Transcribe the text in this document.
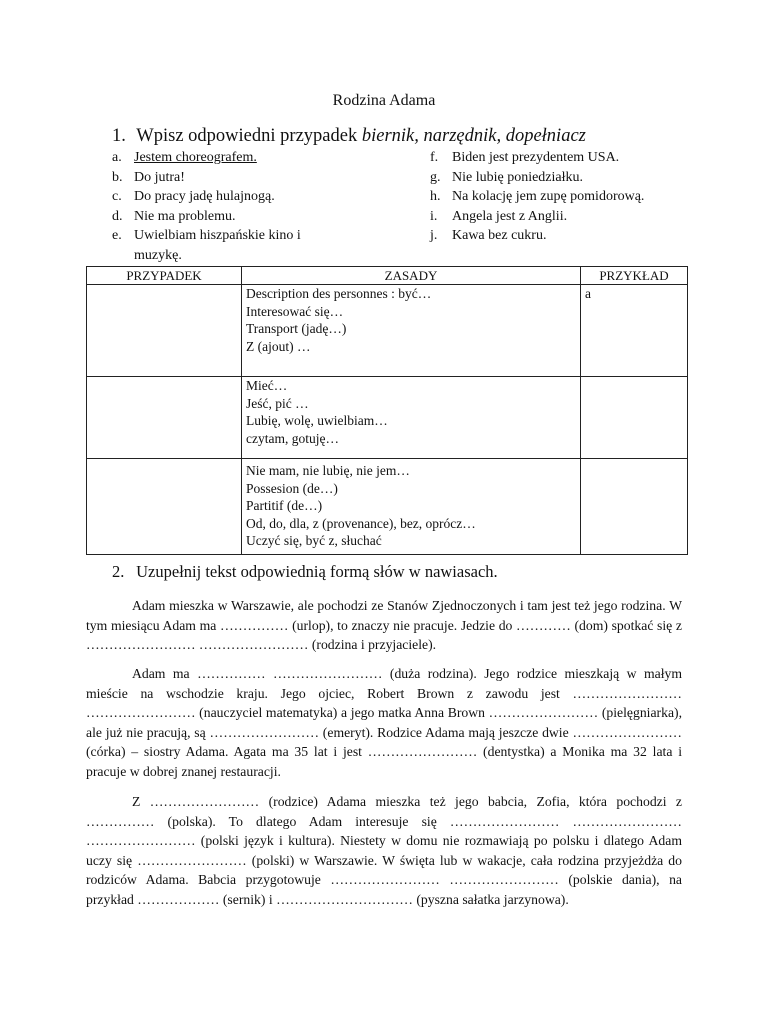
Rodzina Adama
1. Wpisz odpowiedni przypadek biernik, narzędnik, dopełniacz
a. Jestem choreografem.
b. Do jutra!
c. Do pracy jadę hulajnogą.
d. Nie ma problemu.
e. Uwielbiam hiszpańskie kino i muzykę.
f. Biden jest prezydentem USA.
g. Nie lubię poniedziałku.
h. Na kolację jem zupę pomidorową.
i.	Angela jest z Anglii.
j.	Kawa bez cukru.
PRZYPADEK	ZASADY	PRZYKŁAD

	Description des personnes : być…
Interesować się…
Transport (jadę…)
Z (ajout) …	a

	Mieć…
Jeść, pić …
Lubię, wolę, uwielbiam…
czytam, gotuję…	

	Nie mam, nie lubię, nie jem…
Possesion (de…)
Partitif (de…)
Od, do, dla, z (provenance), bez, oprócz…
Uczyć się, być z, słuchać	

2. Uzupełnij tekst odpowiednią formą słów w nawiasach.

Adam mieszka w Warszawie, ale pochodzi ze Stanów Zjednoczonych i tam jest też jego rodzina. W tym miesiącu Adam ma …………… (urlop), to znaczy nie pracuje. Jedzie do ………… (dom) spotkać się z …………………… …………………… (rodzina i przyjaciele).

Adam ma …………… …………………… (duża rodzina). Jego rodzice mieszkają w małym mieście na wschodzie kraju. Jego ojciec, Robert Brown z zawodu jest …………………… …………………… (nauczyciel matematyka) a jego matka Anna Brown …………………… (pielęgniarka), ale już nie pracują, są …………………… (emeryt). Rodzice Adama mają jeszcze dwie …………………… (córka) – siostry Adama. Agata ma 35 lat i jest …………………… (dentystka) a Monika ma 32 lata i pracuje w dobrej znanej restauracji.

Z …………………… (rodzice) Adama mieszka też jego babcia, Zofia, która pochodzi z …………… (polska). To dlatego Adam interesuje się …………………… …………………… …………………… (polski język i kultura). Niestety w domu nie rozmawiają po polsku i dlatego Adam uczy się …………………… (polski) w Warszawie. W święta lub w wakacje, cała rodzina przyjeżdża do rodziców Adama. Babcia przygotowuje …………………… …………………… (polskie dania), na przykład ……………… (sernik) i ………………………… (pyszna sałatka jarzynowa).
